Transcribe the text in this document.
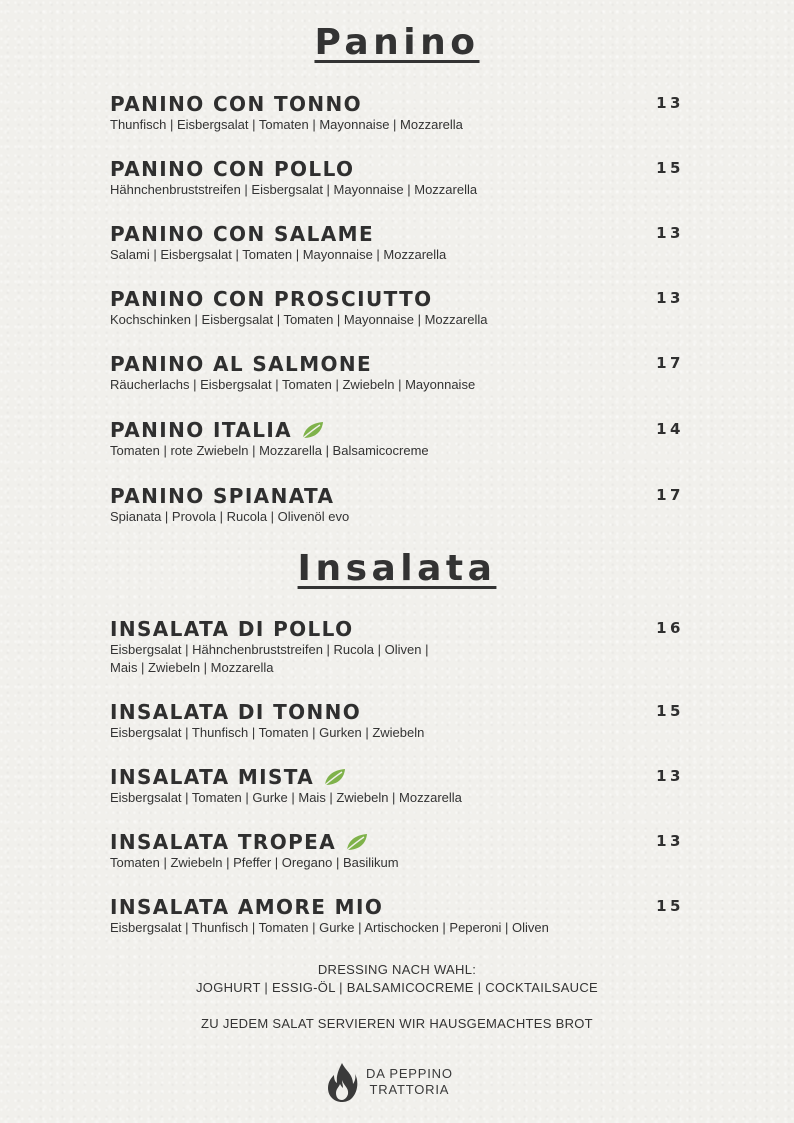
Panino
PANINO CON TONNO	13
Thunfisch | Eisbergsalat | Tomaten | Mayonnaise | Mozzarella
PANINO CON POLLO	15
Hähnchenbruststreifen | Eisbergsalat | Mayonnaise | Mozzarella
PANINO CON SALAME	13
Salami | Eisbergsalat | Tomaten | Mayonnaise | Mozzarella
PANINO CON PROSCIUTTO	13
Kochschinken | Eisbergsalat | Tomaten | Mayonnaise | Mozzarella
PANINO AL SALMONE	17
Räucherlachs | Eisbergsalat | Tomaten | Zwiebeln | Mayonnaise
PANINO ITALIA	14
Tomaten | rote Zwiebeln | Mozzarella | Balsamicocreme
PANINO SPIANATA	17
Spianata | Provola | Rucola | Olivenöl evo
Insalata
INSALATA DI POLLO	16
Eisbergsalat | Hähnchenbruststreifen | Rucola | Oliven |
Mais | Zwiebeln | Mozzarella
INSALATA DI TONNO	15
Eisbergsalat | Thunfisch | Tomaten | Gurken | Zwiebeln
INSALATA MISTA	13
Eisbergsalat | Tomaten | Gurke | Mais | Zwiebeln | Mozzarella
INSALATA TROPEA	13
Tomaten | Zwiebeln | Pfeffer | Oregano | Basilikum
INSALATA AMORE MIO	15
Eisbergsalat | Thunfisch | Tomaten | Gurke | Artischocken | Peperoni | Oliven
DRESSING NACH WAHL:
JOGHURT | ESSIG-ÖL | BALSAMICOCREME | COCKTAILSAUCE
ZU JEDEM SALAT SERVIEREN WIR HAUSGEMACHTES BROT
DA PEPPINO
TRATTORIA
